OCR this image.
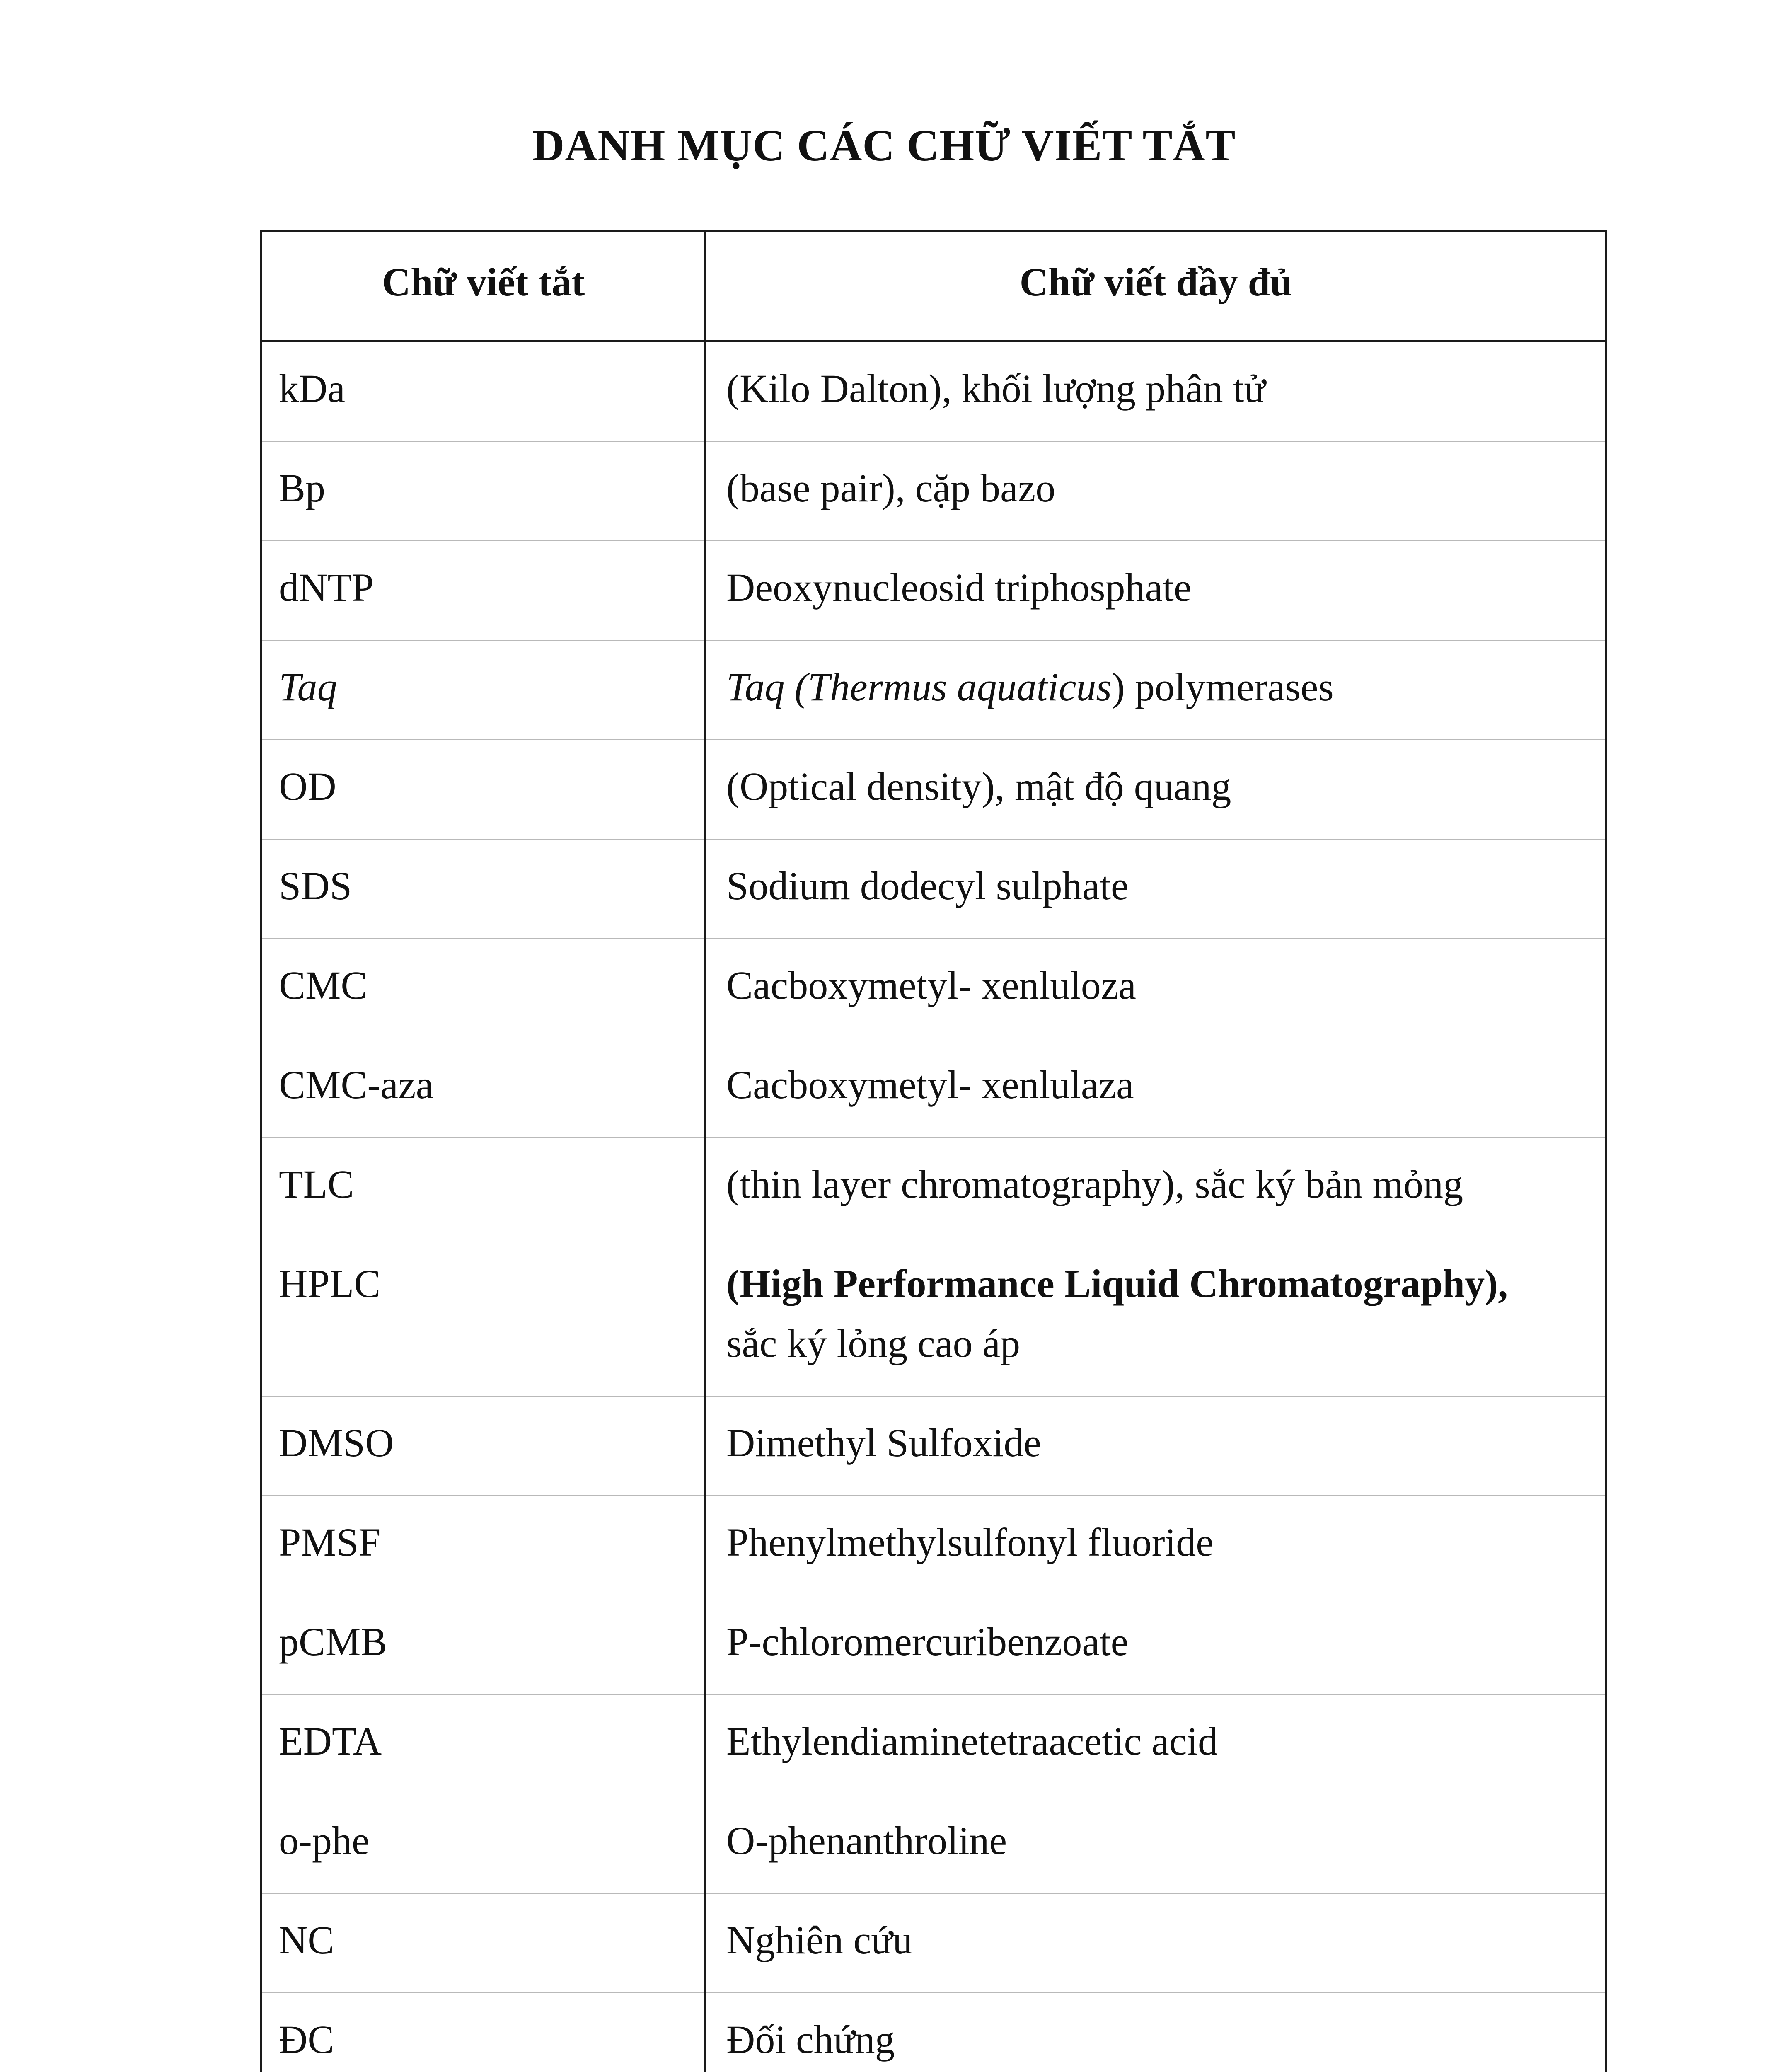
DANH MỤC CÁC CHỮ VIẾT TẮT
Chữ viết tắt	Chữ viết đầy đủ
kDa	(Kilo Dalton), khối lượng phân tử
Bp	(base pair), cặp bazo
dNTP	Deoxynucleosid triphosphate
Taq	Taq (Thermus aquaticus) polymerases
OD	(Optical density), mật độ quang
SDS	Sodium dodecyl sulphate
CMC	Cacboxymetyl- xenluloza
CMC-aza	Cacboxymetyl- xenlulaza
TLC	(thin layer chromatography), sắc ký bản mỏng
HPLC	(High Performance Liquid Chromatography),
sắc ký lỏng cao áp

DMSO	Dimethyl Sulfoxide
PMSF	Phenylmethylsulfonyl fluoride
pCMB	P-chloromercuribenzoate
EDTA	Ethylendiaminetetraacetic acid
o-phe	O-phenanthroline
NC	Nghiên cứu
ĐC	Đối chứng
